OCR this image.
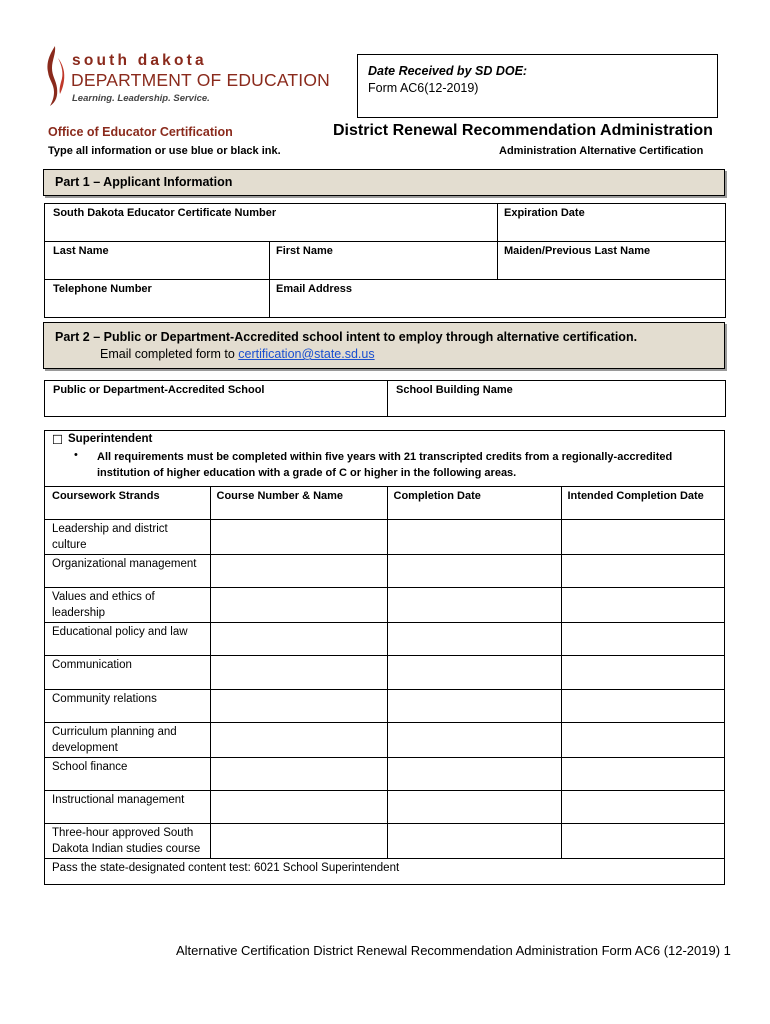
south dakota
DEPARTMENT OF EDUCATION
Learning. Leadership. Service.
Date Received by SD DOE:
Form AC6(12-2019)
Office of Educator Certification
Type all information or use blue or black ink.
District Renewal Recommendation Administration
Administration Alternative Certification
Part 1 – Applicant Information
South Dakota Educator Certificate Number		Expiration Date

Last Name	First Name	Maiden/Previous Last Name

Telephone Number	Email Address	
Part 2 – Public or Department-Accredited school intent to employ through alternative certification.
Email completed form to certification@state.sd.us
Public or Department-Accredited School	School Building Name
☐ Superintendent
• All requirements must be completed within five years with 21 transcripted credits from a regionally-accredited institution of higher education with a grade of C or higher in the following areas.
Coursework Strands	Course Number & Name	Completion Date	Intended Completion Date

Leadership and district
culture			

Organizational management			

Values and ethics of
leadership			

Educational policy and law			

Communication			

Community relations			

Curriculum planning and
development			

School finance			

Instructional management			

Three-hour approved South
Dakota Indian studies course			

Pass the state-designated content test: 6021 School Superintendent			
Alternative Certification District Renewal Recommendation Administration Form AC6 (12-2019) 1
